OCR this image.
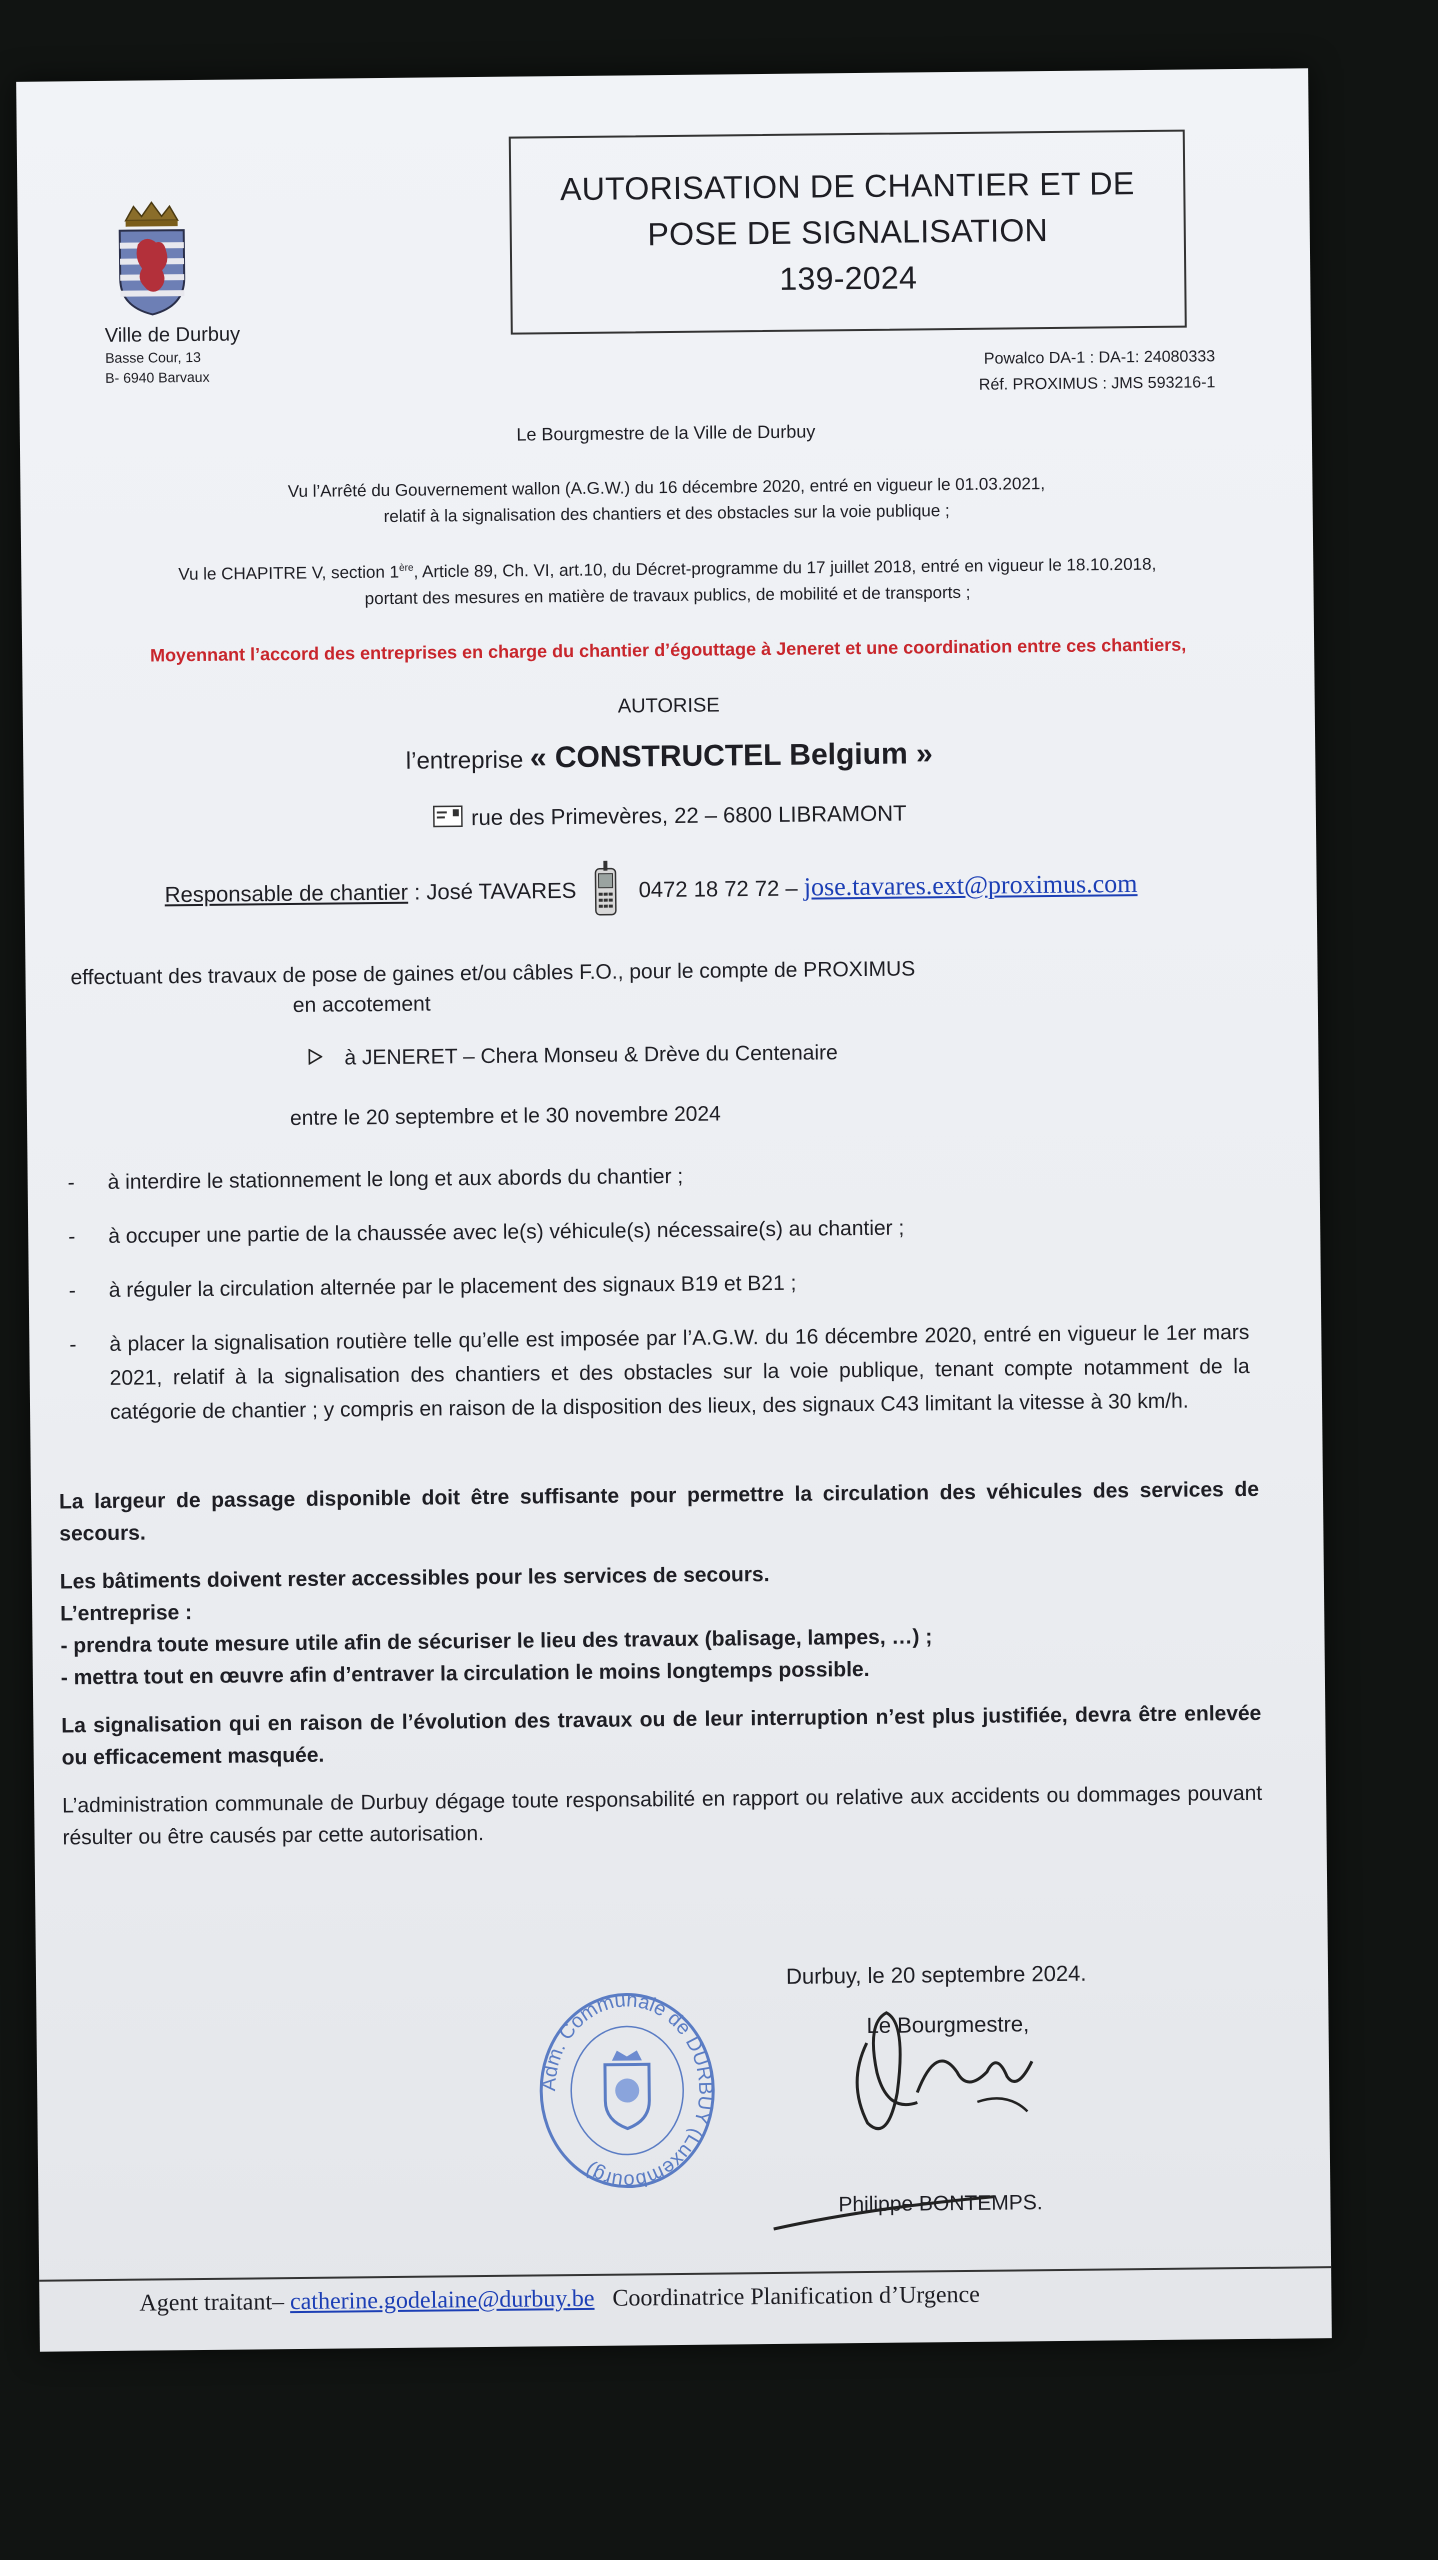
Ville de Durbuy
Basse Cour, 13
B- 6940 Barvaux
AUTORISATION DE CHANTIER ET DE
POSE DE SIGNALISATION
139-2024
Powalco DA-1 : DA-1: 24080333
Réf. PROXIMUS : JMS 593216-1
Le Bourgmestre de la Ville de Durbuy
Vu l’Arrêté du Gouvernement wallon (A.G.W.) du 16 décembre 2020, entré en vigueur le 01.03.2021,
relatif à la signalisation des chantiers et des obstacles sur la voie publique ;
Vu le CHAPITRE V, section 1ère, Article 89, Ch. VI, art.10, du Décret-programme du 17 juillet 2018, entré en vigueur le 18.10.2018,
portant des mesures en matière de travaux publics, de mobilité et de transports ;
Moyennant l’accord des entreprises en charge du chantier d’égouttage à Jeneret et une coordination entre ces chantiers,
AUTORISE
l’entreprise « CONSTRUCTEL Belgium »
rue des Primevères, 22 – 6800 LIBRAMONT
Responsable de chantier : José TAVARES	0472 18 72 72 – jose.tavares.ext@proximus.com
effectuant des travaux de pose de gaines et/ou câbles F.O., pour le compte de PROXIMUS
en accotement
à JENERET – Chera Monseu & Drève du Centenaire
entre le 20 septembre et le 30 novembre 2024
-	à interdire le stationnement le long et aux abords du chantier ;
-	à occuper une partie de la chaussée avec le(s) véhicule(s) nécessaire(s) au chantier ;
-	à réguler la circulation alternée par le placement des signaux B19 et B21 ;
-	à placer la signalisation routière telle qu’elle est imposée par l’A.G.W. du 16 décembre 2020, entré en vigueur le 1er mars 2021, relatif à la signalisation des chantiers et des obstacles sur la voie publique, tenant compte notamment de la catégorie de chantier ; y compris en raison de la disposition des lieux, des signaux C43 limitant la vitesse à 30 km/h.
La largeur de passage disponible doit être suffisante pour permettre la circulation des véhicules des services de secours.
Les bâtiments doivent rester accessibles pour les services de secours.
L’entreprise :
- prendra toute mesure utile afin de sécuriser le lieu des travaux (balisage, lampes, …) ;
- mettra tout en œuvre afin d’entraver la circulation le moins longtemps possible.
La signalisation qui en raison de l’évolution des travaux ou de leur interruption n’est plus justifiée, devra être enlevée ou efficacement masquée.
L’administration communale de Durbuy dégage toute responsabilité en rapport ou relative aux accidents ou dommages pouvant résulter ou être causés par cette autorisation.
Adm. Communale de DURBUY (Luxembourg)
Durbuy, le 20 septembre 2024.
Le Bourgmestre,
Philippe BONTEMPS.
Agent traitant– catherine.godelaine@durbuy.be Coordinatrice Planification d’Urgence
